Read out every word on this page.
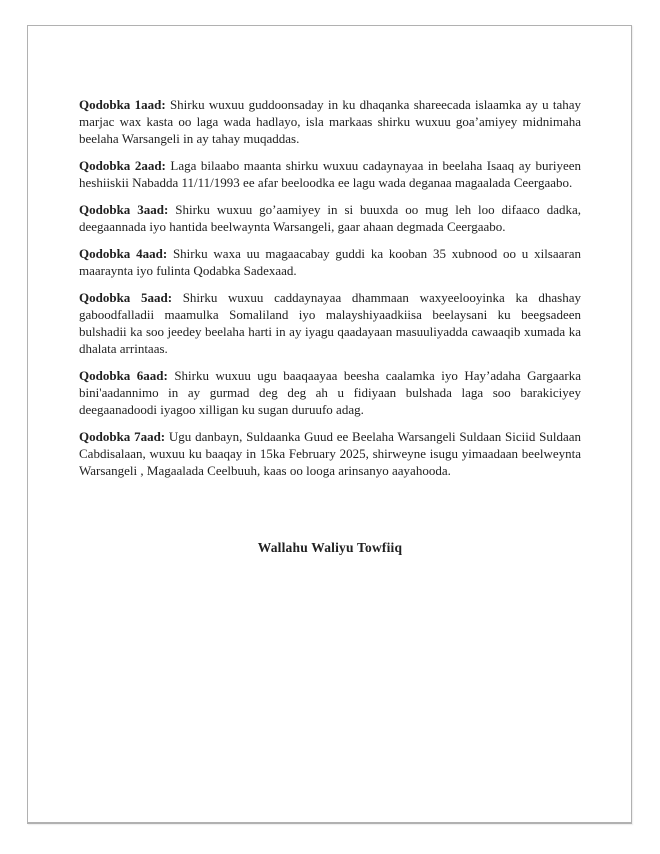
Qodobka 1aad: Shirku wuxuu guddoonsaday in ku dhaqanka shareecada islaamka ay u tahay marjac wax kasta oo laga wada hadlayo, isla markaas shirku wuxuu goa’amiyey midnimaha beelaha Warsangeli in ay tahay muqaddas.

Qodobka 2aad: Laga bilaabo maanta shirku wuxuu cadaynayaa in beelaha Isaaq ay buriyeen heshiiskii Nabadda 11/11/1993 ee afar beeloodka ee lagu wada deganaa magaalada Ceergaabo.

Qodobka 3aad: Shirku wuxuu go’aamiyey in si buuxda oo mug leh loo difaaco dadka, deegaannada iyo hantida beelwaynta Warsangeli, gaar ahaan degmada Ceergaabo.

Qodobka 4aad: Shirku waxa uu magaacabay guddi ka kooban 35 xubnood oo u xilsaaran maaraynta iyo fulinta Qodabka Sadexaad.

Qodobka 5aad: Shirku wuxuu caddaynayaa dhammaan waxyeelooyinka ka dhashay gaboodfalladii maamulka Somaliland iyo malayshiyaadkiisa beelaysani ku beegsadeen bulshadii ka soo jeedey beelaha harti in ay iyagu qaadayaan masuuliyadda cawaaqib xumada ka dhalata arrintaas.

Qodobka 6aad: Shirku wuxuu ugu baaqaayaa beesha caalamka iyo Hay’adaha Gargaarka bini'aadannimo in ay gurmad deg deg ah u fidiyaan bulshada laga soo barakiciyey deegaanadoodi iyagoo xilligan ku sugan duruufo adag.

Qodobka 7aad: Ugu danbayn, Suldaanka Guud ee Beelaha Warsangeli Suldaan Siciid Suldaan Cabdisalaan, wuxuu ku baaqay in 15ka February 2025, shirweyne isugu yimaadaan beelweynta Warsangeli , Magaalada Ceelbuuh, kaas oo looga arinsanyo aayahooda.

Wallahu Waliyu Towfiiq
